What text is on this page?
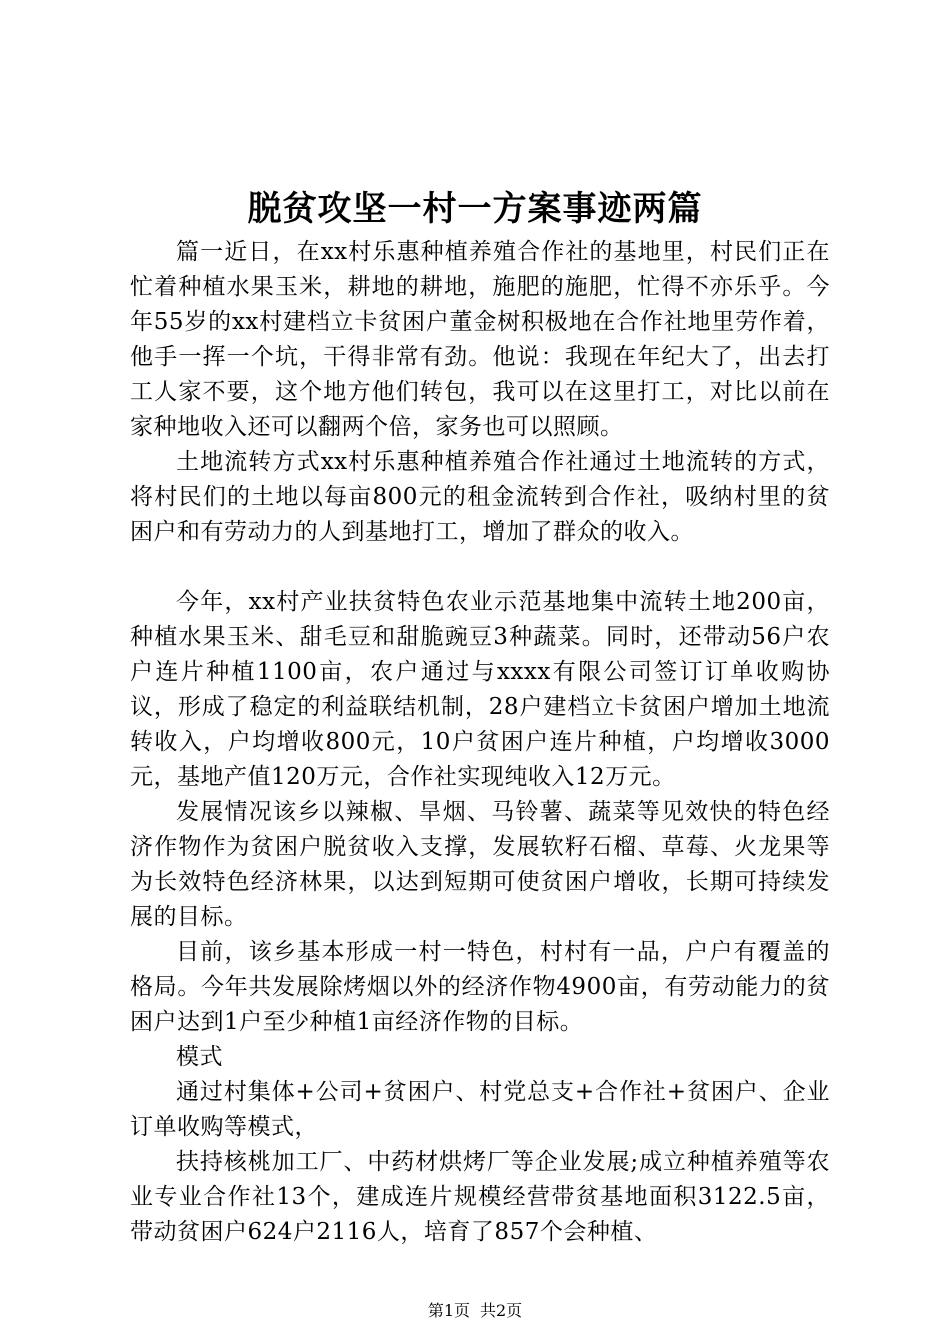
脱贫攻坚一村一方案事迹两篇

篇一近日，在xx村乐惠种植养殖合作社的基地里，村民们正在忙着种植水果玉米，耕地的耕地，施肥的施肥，忙得不亦乐乎。今年55岁的xx村建档立卡贫困户董金树积极地在合作社地里劳作着，他手一挥一个坑，干得非常有劲。他说：我现在年纪大了，出去打工人家不要，这个地方他们转包，我可以在这里打工，对比以前在家种地收入还可以翻两个倍，家务也可以照顾。

土地流转方式xx村乐惠种植养殖合作社通过土地流转的方式，将村民们的土地以每亩800元的租金流转到合作社，吸纳村里的贫困户和有劳动力的人到基地打工，增加了群众的收入。

今年，xx村产业扶贫特色农业示范基地集中流转土地200亩，种植水果玉米、甜毛豆和甜脆豌豆3种蔬菜。同时，还带动56户农户连片种植1100亩，农户通过与xxxx有限公司签订订单收购协议，形成了稳定的利益联结机制，28户建档立卡贫困户增加土地流转收入，户均增收800元，10户贫困户连片种植，户均增收3000元，基地产值120万元，合作社实现纯收入12万元。

发展情况该乡以辣椒、旱烟、马铃薯、蔬菜等见效快的特色经济作物作为贫困户脱贫收入支撑，发展软籽石榴、草莓、火龙果等为长效特色经济林果，以达到短期可使贫困户增收，长期可持续发展的目标。

目前，该乡基本形成一村一特色，村村有一品，户户有覆盖的格局。今年共发展除烤烟以外的经济作物4900亩，有劳动能力的贫困户达到1户至少种植1亩经济作物的目标。

模式

通过村集体+公司+贫困户、村党总支+合作社+贫困户、企业订单收购等模式，

扶持核桃加工厂、中药材烘烤厂等企业发展;成立种植养殖等农业专业合作社13个，建成连片规模经营带贫基地面积3122.5亩，带动贫困户624户2116人，培育了857个会种植、

第1页 共2页
